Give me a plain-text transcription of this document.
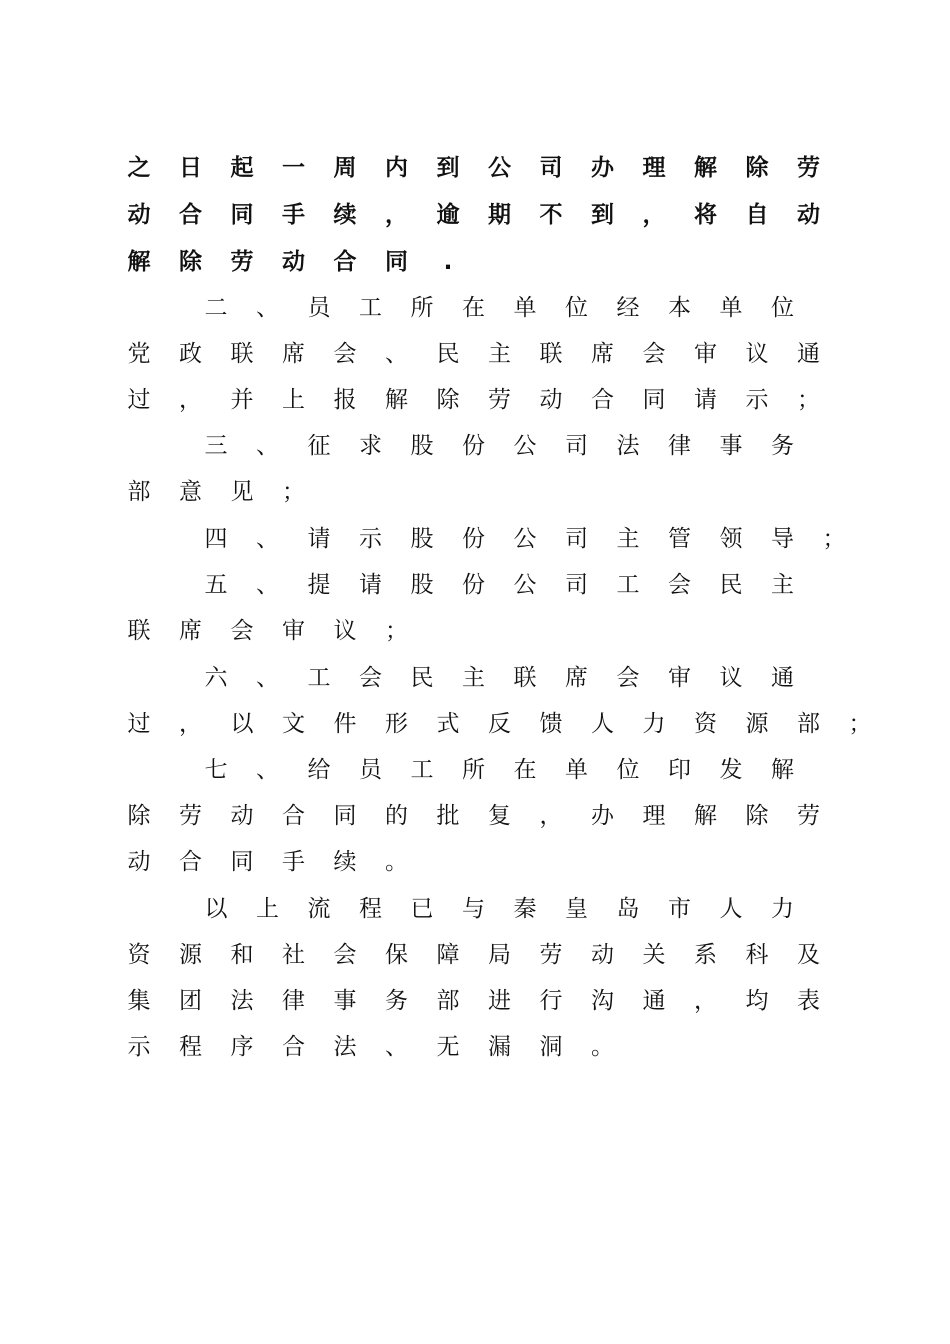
之 日 起 一 周 内 到 公 司 办 理 解 除 劳
动 合 同 手 续 ， 逾 期 不 到 ， 将 自 动
解 除 劳 动 合 同	.
二 、 员 工 所 在 单 位 经 本 单 位
党 政 联 席 会 、 民 主 联 席 会 审 议 通
过 ， 并 上 报 解 除 劳 动 合 同 请 示 ；
三 、 征 求 股 份 公 司 法 律 事 务
部 意 见 ；
四 、 请 示 股 份 公 司 主 管 领 导 ；
五 、 提 请 股 份 公 司 工 会 民 主
联 席 会 审 议 ；
六 、 工 会 民 主 联 席 会 审 议 通
过 ， 以 文 件 形 式 反 馈 人 力 资 源 部 ；
七 、 给 员 工 所 在 单 位 印 发 解
除 劳 动 合 同 的 批 复 ， 办 理 解 除 劳
动 合 同 手 续 。
以 上 流 程 已 与 秦 皇 岛 市 人 力
资 源 和 社 会 保 障 局 劳 动 关 系 科 及
集 团 法 律 事 务 部 进 行 沟 通 ， 均 表
示 程 序 合 法 、 无 漏 洞 。
